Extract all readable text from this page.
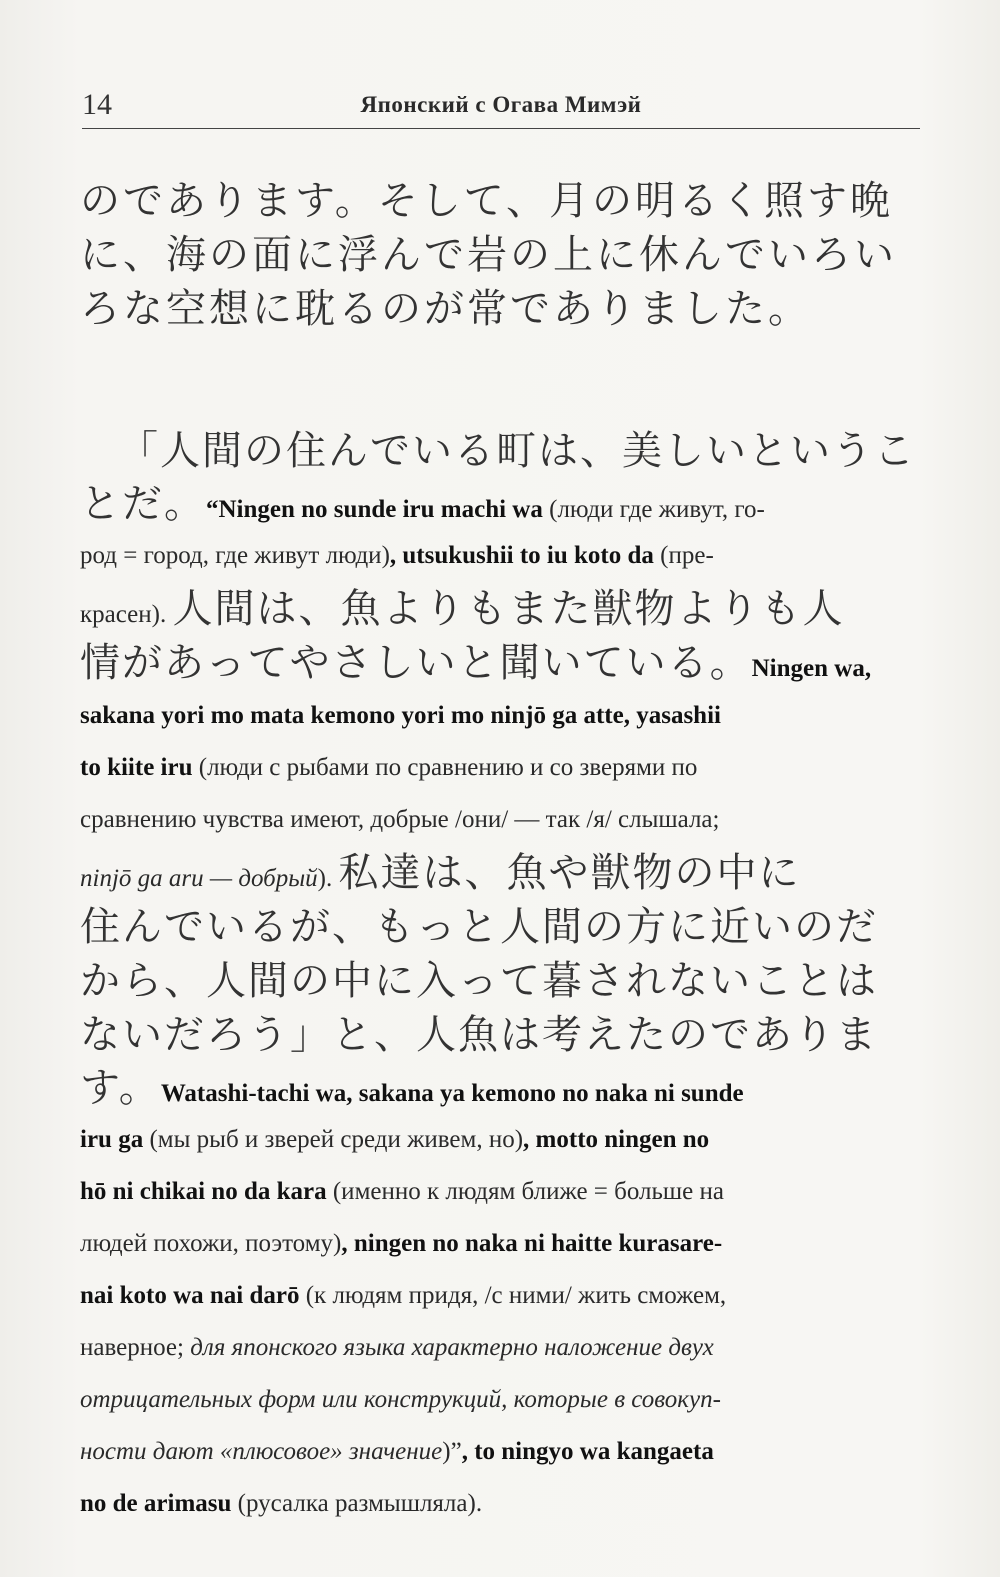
14	Японский с Огава Мимэй
のであります。そして、月の明るく照す晩
に、海の面に浮んで岩の上に休んでいろい
ろな空想に耽るのが常でありました。
「人間の住んでいる町は、美しいというこ
とだ。“Ningen no sunde iru machi wa (люди где живут, го-
род = город, где живут люди), utsukushii to iu koto da (пре-
красен). 人間は、魚よりもまた獣物よりも人
情があってやさしいと聞いている。Ningen wa,
sakana yori mo mata kemono yori mo ninjō ga atte, yasashii
to kiite iru (люди с рыбами по сравнению и со зверями по
сравнению чувства имеют, добрые /они/ — так /я/ слышала;
ninjō ga aru — добрый). 私達は、魚や獣物の中に
住んでいるが、もっと人間の方に近いのだ
から、人間の中に入って暮されないことは
ないだろう」と、人魚は考えたのでありま
す。Watashi-tachi wa, sakana ya kemono no naka ni sunde
iru ga (мы рыб и зверей среди живем, но), motto ningen no
hō ni chikai no da kara (именно к людям ближе = больше на
людей похожи, поэтому), ningen no naka ni haitte kurasare-
nai koto wa nai darō (к людям придя, /с ними/ жить сможем,
наверное; для японского языка характерно наложение двух
отрицательных форм или конструкций, которые в совокуп-
ности дают «плюсовое» значение)”, to ningyo wa kangaeta
no de arimasu (русалка размышляла).
